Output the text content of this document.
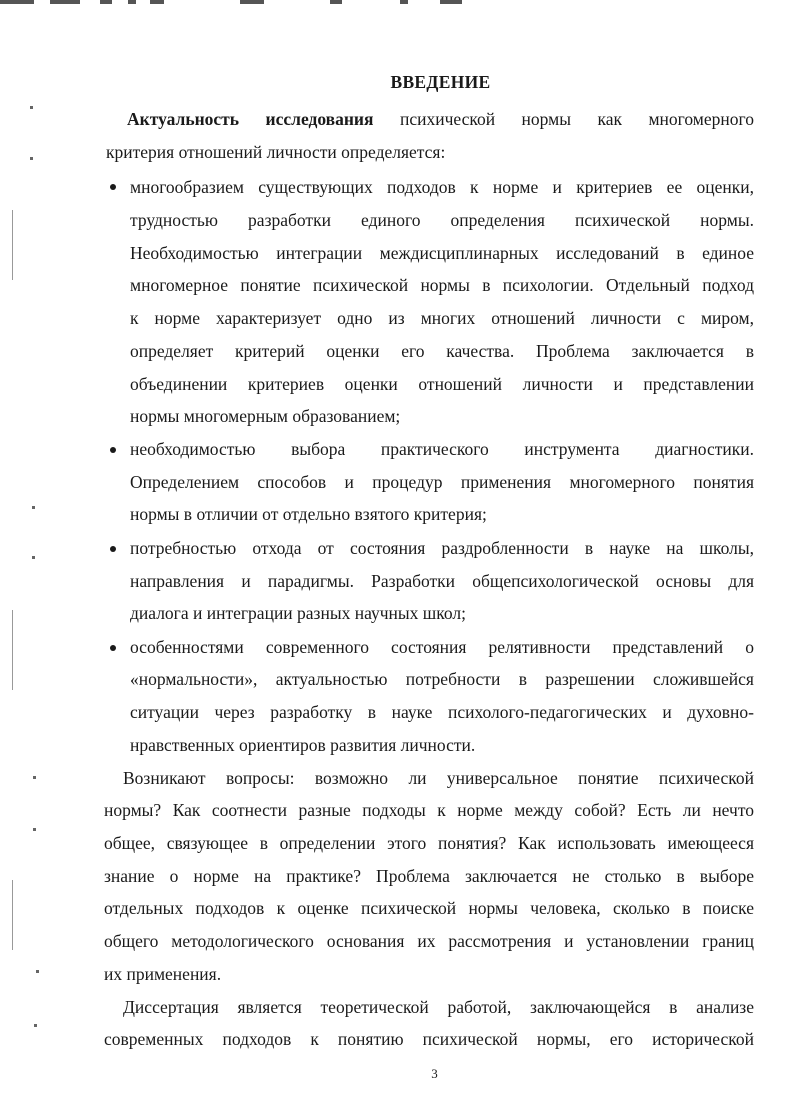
ВВЕДЕНИЕ
Актуальность исследования психической нормы как многомерного
критерия отношений личности определяется:
многообразием существующих подходов к норме и критериев ее оценки,
трудностью разработки единого определения психической нормы.
Необходимостью интеграции междисциплинарных исследований в единое
многомерное понятие психической нормы в психологии. Отдельный подход
к норме характеризует одно из многих отношений личности с миром,
определяет критерий оценки его качества. Проблема заключается в
объединении критериев оценки отношений личности и представлении
нормы многомерным образованием;
необходимостью выбора практического инструмента диагностики.
Определением способов и процедур применения многомерного понятия
нормы в отличии от отдельно взятого критерия;
потребностью отхода от состояния раздробленности в науке на школы,
направления и парадигмы. Разработки общепсихологической основы для
диалога и интеграции разных научных школ;
особенностями современного состояния релятивности представлений о
«нормальности», актуальностью потребности в разрешении сложившейся
ситуации через разработку в науке психолого-педагогических и духовно-
нравственных ориентиров развития личности.
Возникают вопросы: возможно ли универсальное понятие психической
нормы? Как соотнести разные подходы к норме между собой? Есть ли нечто
общее, связующее в определении этого понятия? Как использовать имеющееся
знание о норме на практике? Проблема заключается не столько в выборе
отдельных подходов к оценке психической нормы человека, сколько в поиске
общего методологического основания их рассмотрения и установлении границ
их применения.
Диссертация является теоретической работой, заключающейся в анализе
современных подходов к понятию психической нормы, его исторической
3
